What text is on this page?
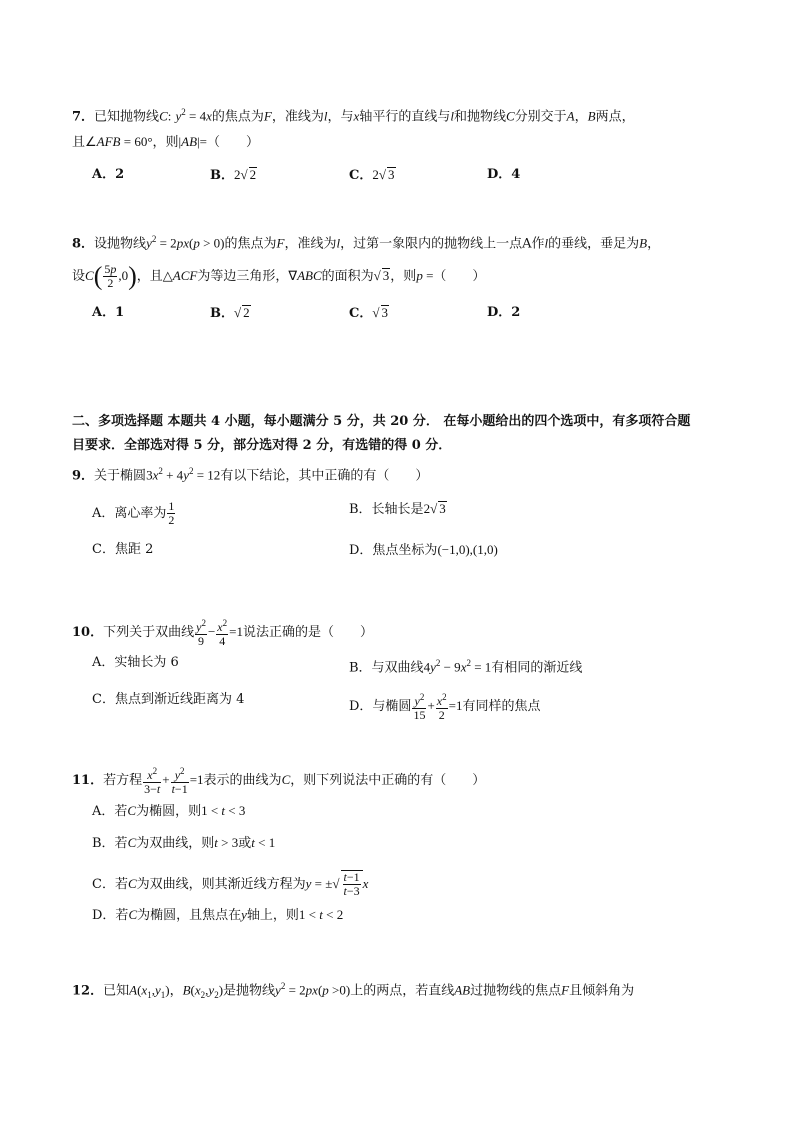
7．已知抛物线C: $y^2 = 4x$的焦点为F，准线为l，与x轴平行的直线与l和抛物线C分别交于A，B两点，
且∠AFB = 60°，则|AB|=（　　）
A．2	B．2√ 2	C．2√ 3	D．4
8．设抛物线$y^2 = 2px(p > 0)$的焦点为F，准线为l，过第一象限内的抛物线上一点A作l的垂线，垂足为B，
设$C( \frac{5p}{2} ,0)$，且△ACF为等边三角形，∇ABC的面积为√ 3，则p =（　　）
A．1	B．√ 2	C．√ 3	D．2
二、多项选择题 本题共 4 小题，每小题满分 5 分，共 20 分． 在每小题给出的四个选项中，有多项符合题
目要求．全部选对得 5 分，部分选对得 2 分，有选错的得 0 分．
9．关于椭圆$3x^2 + 4y^2 = 12$有以下结论，其中正确的有（　　）
A．离心率为 $\frac{1}{2}$	B．长轴长是2√ 3
C．焦距 2	D．焦点坐标为(−1,0),(1,0)
10．下列关于双曲线 $\frac{y^2}{9} - \frac{x^2}{4} =1$说法正确的是（　　）
A．实轴长为 6	B．与双曲线$4y^2 - 9x^2 = 1$有相同的渐近线
C．焦点到渐近线距离为 4	D．与椭圆 $\frac{y^2}{15} + \frac{x^2}{2} =1$有同样的焦点
11．若方程 $\frac{x^2}{3-t} + \frac{y^2}{t-1} =1$表示的曲线为C，则下列说法中正确的有（　　）
A．若C为椭圆，则1 < t < 3
B．若C为双曲线，则t > 3或t < 1
C．若C为双曲线，则其渐近线方程为y = ±√ $\frac{t-1}{t-3}$ x
D．若C为椭圆，且焦点在y轴上，则1 < t < 2
12．已知$A(x_1,y_1)$，$B(x_2,y_2)$是抛物线$y^2 = 2px(p >0)$上的两点，若直线AB过抛物线的焦点F且倾斜角为
